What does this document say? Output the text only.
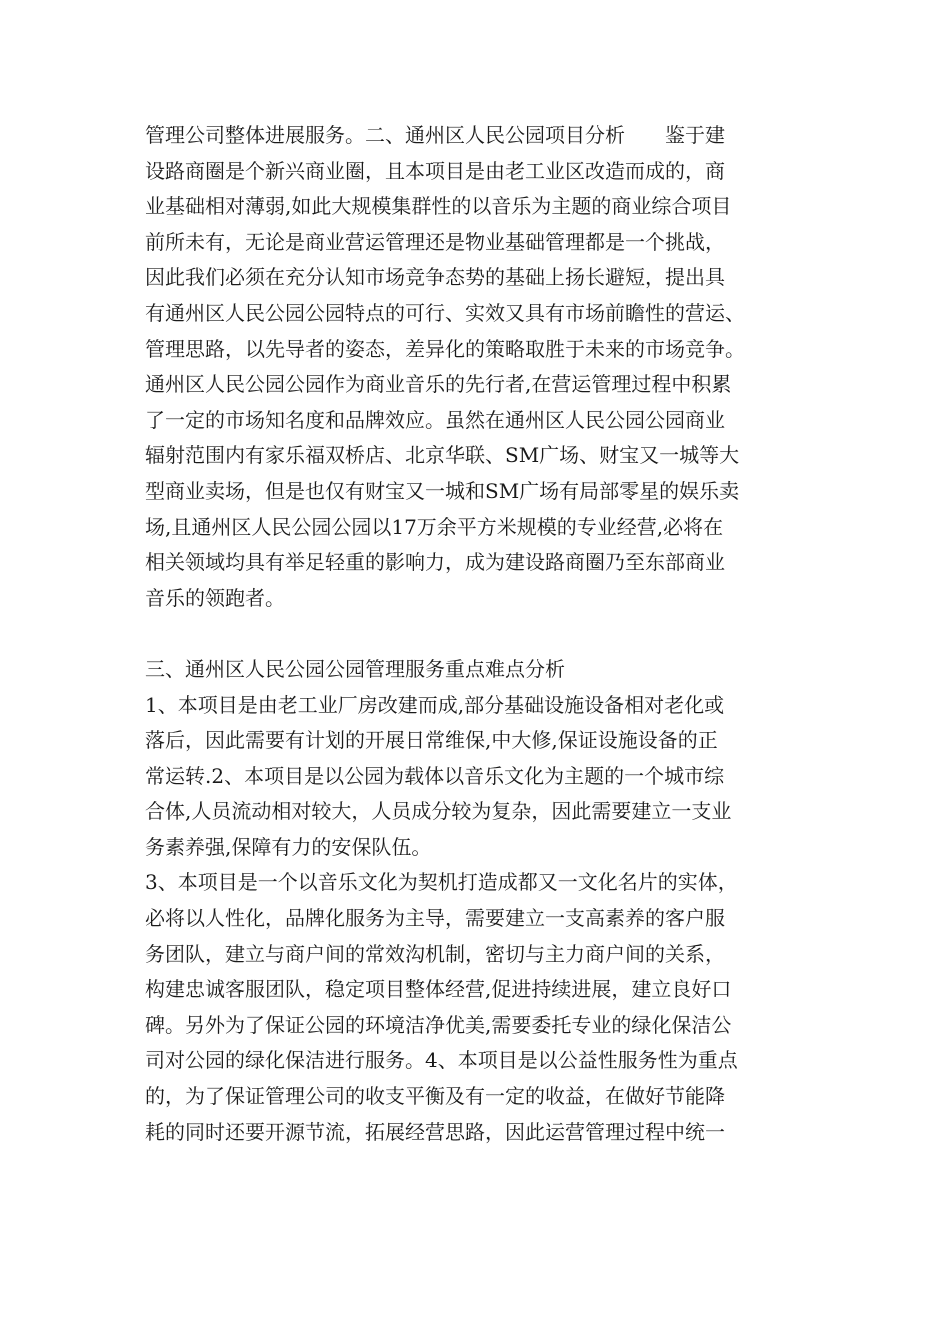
管理公司整体进展服务。二、通州区人民公园项目分析　　鉴于建
设路商圈是个新兴商业圈，且本项目是由老工业区改造而成的，商
业基础相对薄弱,如此大规模集群性的以音乐为主题的商业综合项目
前所未有，无论是商业营运管理还是物业基础管理都是一个挑战，
因此我们必须在充分认知市场竞争态势的基础上扬长避短，提出具
有通州区人民公园公园特点的可行、实效又具有市场前瞻性的营运、
管理思路，以先导者的姿态，差异化的策略取胜于未来的市场竞争。
通州区人民公园公园作为商业音乐的先行者,在营运管理过程中积累
了一定的市场知名度和品牌效应。虽然在通州区人民公园公园商业
辐射范围内有家乐福双桥店、北京华联、SM广场、财宝又一城等大
型商业卖场，但是也仅有财宝又一城和SM广场有局部零星的娱乐卖
场,且通州区人民公园公园以17万余平方米规模的专业经营,必将在
相关领域均具有举足轻重的影响力，成为建设路商圈乃至东部商业
音乐的领跑者。
三、通州区人民公园公园管理服务重点难点分析
1、本项目是由老工业厂房改建而成,部分基础设施设备相对老化或
落后，因此需要有计划的开展日常维保,中大修,保证设施设备的正
常运转.2、本项目是以公园为载体以音乐文化为主题的一个城市综
合体,人员流动相对较大，人员成分较为复杂，因此需要建立一支业
务素养强,保障有力的安保队伍。
3、本项目是一个以音乐文化为契机打造成都又一文化名片的实体，
必将以人性化，品牌化服务为主导，需要建立一支高素养的客户服
务团队，建立与商户间的常效沟机制，密切与主力商户间的关系，
构建忠诚客服团队，稳定项目整体经营,促进持续进展，建立良好口
碑。另外为了保证公园的环境洁净优美,需要委托专业的绿化保洁公
司对公园的绿化保洁进行服务。4、本项目是以公益性服务性为重点
的，为了保证管理公司的收支平衡及有一定的收益，在做好节能降
耗的同时还要开源节流，拓展经营思路，因此运营管理过程中统一
